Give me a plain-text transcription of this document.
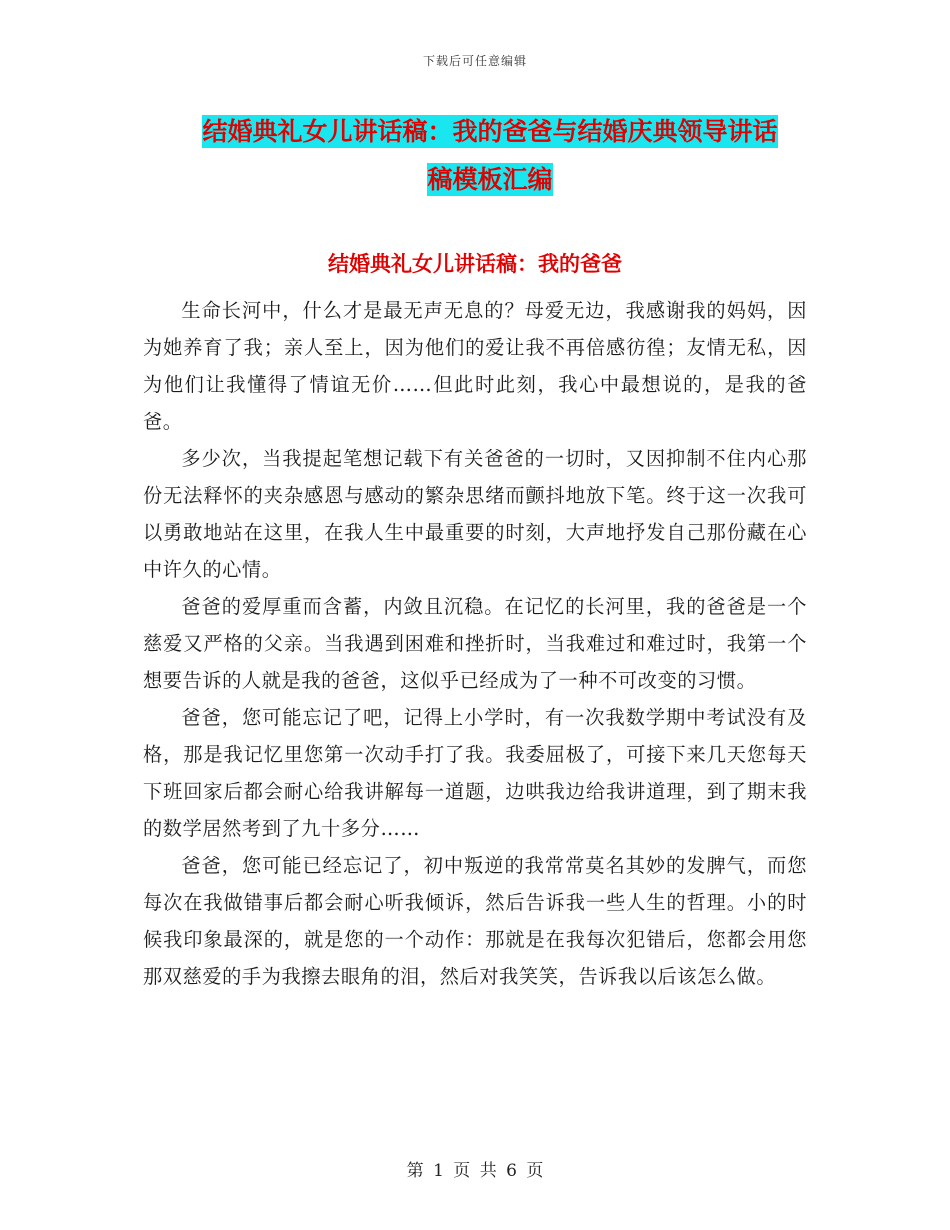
下载后可任意编辑
结婚典礼女儿讲话稿：我的爸爸与结婚庆典领导讲话
稿模板汇编
结婚典礼女儿讲话稿：我的爸爸

生命长河中，什么才是最无声无息的？母爱无边，我感谢我的妈妈，因为她养育了我；亲人至上，因为他们的爱让我不再倍感彷徨；友情无私，因为他们让我懂得了情谊无价……但此时此刻，我心中最想说的，是我的爸爸。

多少次，当我提起笔想记载下有关爸爸的一切时，又因抑制不住内心那份无法释怀的夹杂感恩与感动的繁杂思绪而颤抖地放下笔。终于这一次我可以勇敢地站在这里，在我人生中最重要的时刻，大声地抒发自己那份藏在心中许久的心情。

爸爸的爱厚重而含蓄，内敛且沉稳。在记忆的长河里，我的爸爸是一个慈爱又严格的父亲。当我遇到困难和挫折时，当我难过和难过时，我第一个想要告诉的人就是我的爸爸，这似乎已经成为了一种不可改变的习惯。

爸爸，您可能忘记了吧，记得上小学时，有一次我数学期中考试没有及格，那是我记忆里您第一次动手打了我。我委屈极了，可接下来几天您每天下班回家后都会耐心给我讲解每一道题，边哄我边给我讲道理，到了期末我的数学居然考到了九十多分……

爸爸，您可能已经忘记了，初中叛逆的我常常莫名其妙的发脾气，而您每次在我做错事后都会耐心听我倾诉，然后告诉我一些人生的哲理。小的时候我印象最深的，就是您的一个动作：那就是在我每次犯错后，您都会用您那双慈爱的手为我擦去眼角的泪，然后对我笑笑，告诉我以后该怎么做。

第 1 页 共 6 页
